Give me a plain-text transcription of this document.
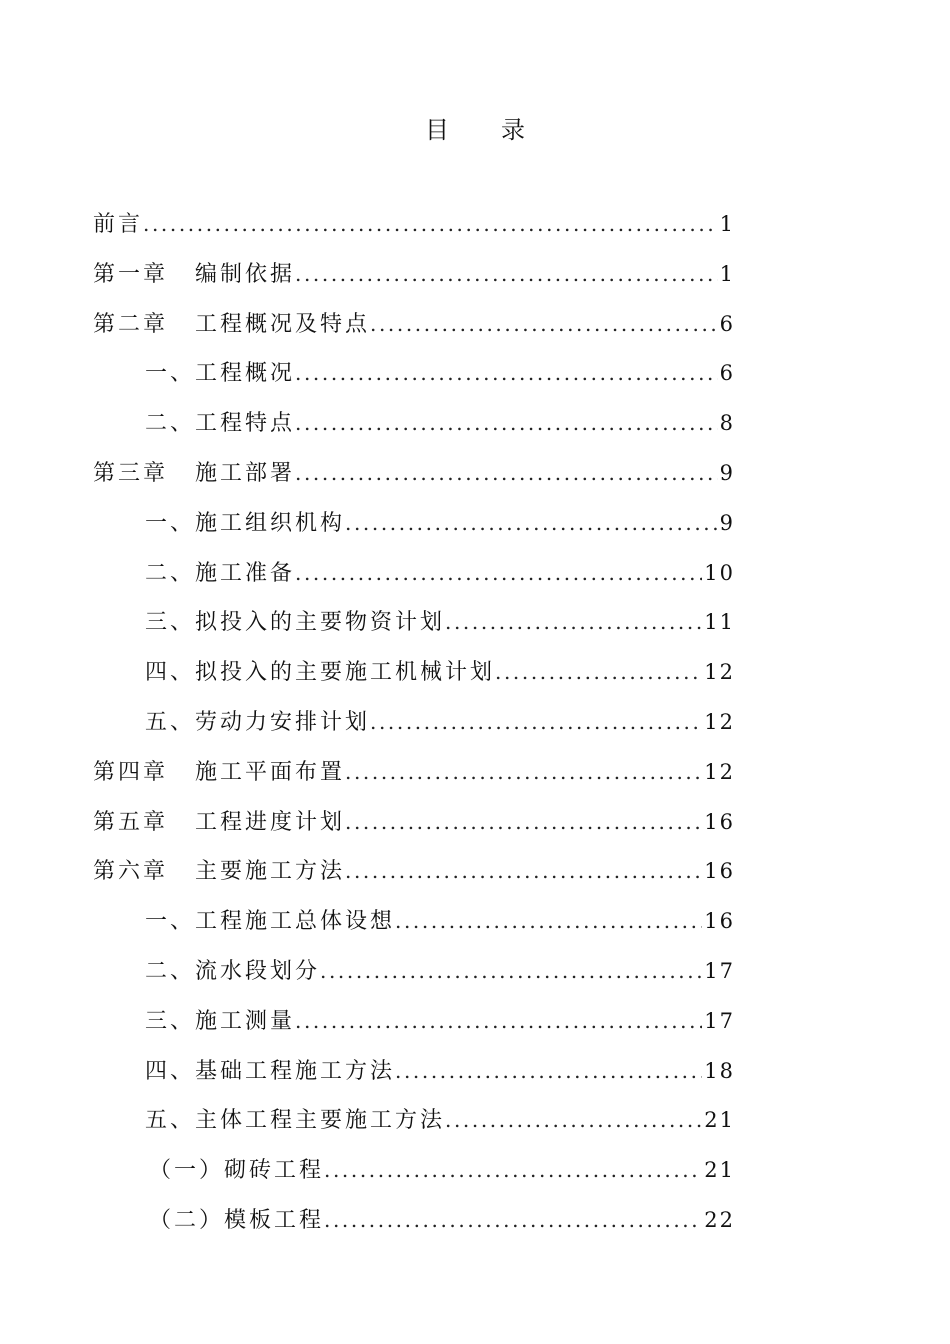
目 录
前言 .....	1
第一章	编制依据 .....	1
第二章	工程概况及特点 .....	6
一、工程概况 .....	6
二、工程特点 .....	8
第三章	施工部署 .....	9
一、施工组织机构 .....	9
二、施工准备 .....	10
三、拟投入的主要物资计划 .....	11
四、拟投入的主要施工机械计划 .....	12
五、劳动力安排计划 .....	12
第四章	施工平面布置 .....	12
第五章	工程进度计划 .....	16
第六章	主要施工方法 .....	16
一、工程施工总体设想 .....	16
二、流水段划分 .....	17
三、施工测量 .....	17
四、基础工程施工方法 .....	18
五、主体工程主要施工方法 .....	21
（一）砌砖工程 .....	21
（二）模板工程 .....	22
